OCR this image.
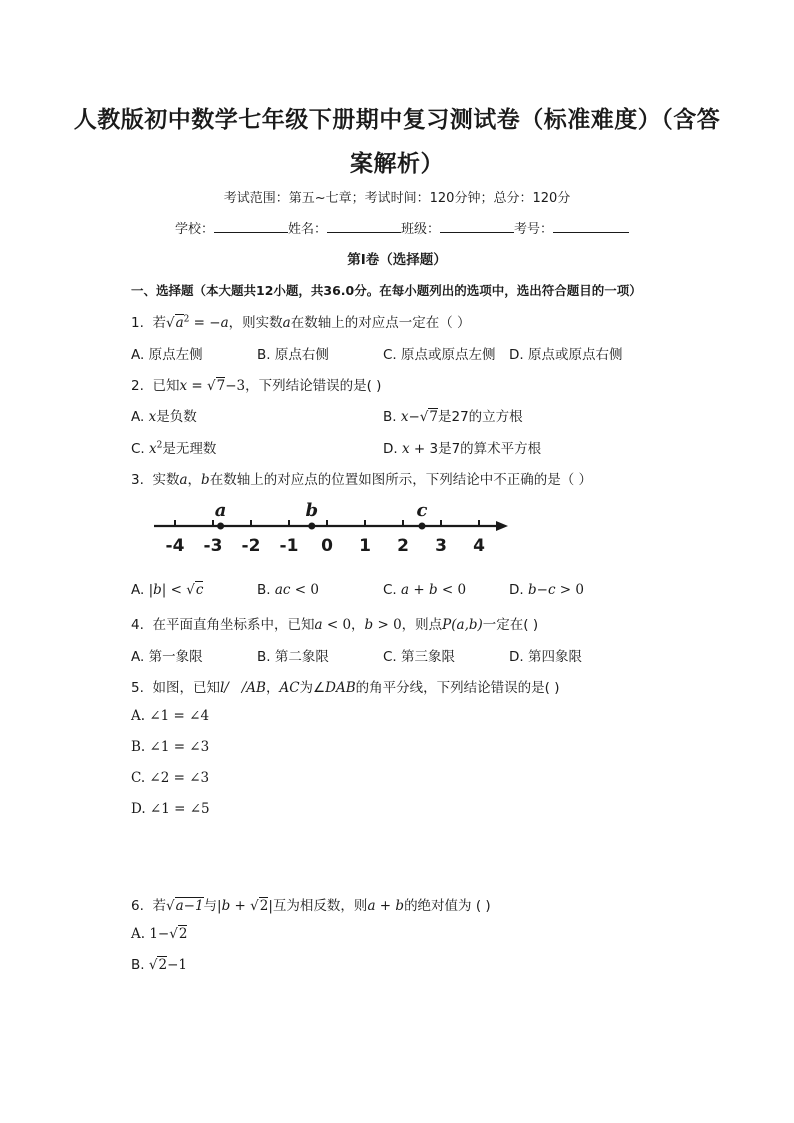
人教版初中数学七年级下册期中复习测试卷（标准难度）（含答
案解析）
考试范围：第五~七章；考试时间：120分钟；总分：120分
学校：	姓名：	班级：	考号：
第I卷（选择题）
一、选择题（本大题共12小题，共36.0分。在每小题列出的选项中，选出符合题目的一项）
1. 若$√a^2 = -a$，则实数a在数轴上的对应点一定在（ ）
A. 原点左侧	B. 原点右侧	C. 原点或原点左侧 D. 原点或原点右侧
2. 已知x = √7−3，下列结论错误的是( )
A. x是负数	B. x−√7是27的立方根
C. $x^2$是无理数	D. x + 3是7的算术平方根
3. 实数a，b在数轴上的对应点的位置如图所示，下列结论中不正确的是（ ）
-4 -3 -2 -1 0 1 2 3 4
a	b	c
A. |b| < √c	B. ac < 0	C. a + b < 0	D. b−c > 0
4. 在平面直角坐标系中，已知a < 0，b > 0，则点P(a,b)一定在( )
A. 第一象限	B. 第二象限	C. 第三象限	D. 第四象限
5. 如图，已知l/ /AB，AC为∠DAB的角平分线，下列结论错误的是( )
A. ∠1 = ∠4
B. ∠1 = ∠3
C. ∠2 = ∠3
D. ∠1 = ∠5
6. 若√a−1与|b + √2|互为相反数，则a + b的绝对值为 ( )
A. 1−√2
B. √2−1
